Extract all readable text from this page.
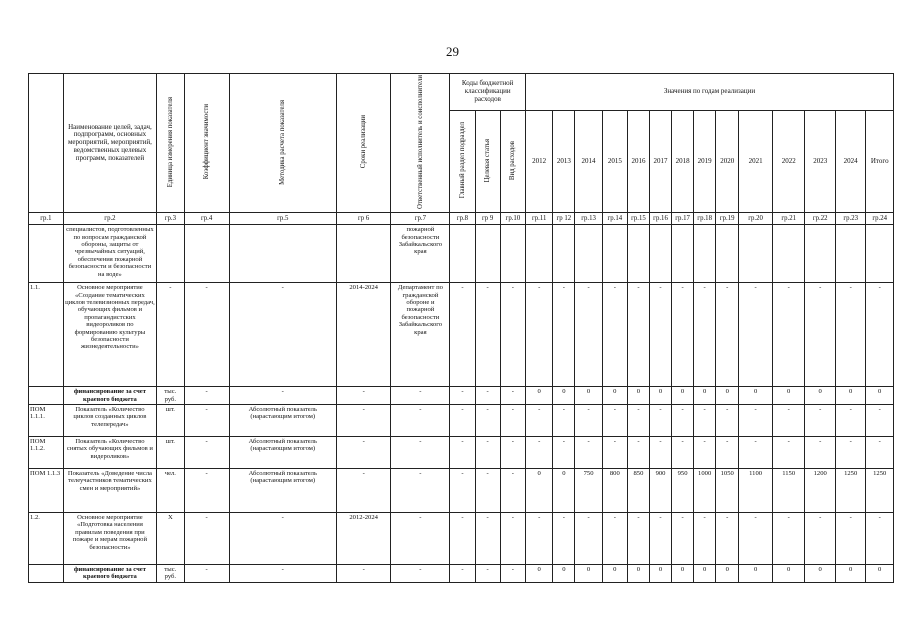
29
	Наименование целей, задач, подпрограмм, основных мероприятий, мероприятий, ведомственных целевых программ, показателей	Единица измерения показателя	Коэффициент значимости	Методика расчета показателя	Сроки реализации	Ответственный исполнитель и соисполнители	Коды бюджетной классификации расходов			Значения по годам реализации													
							Главный раздел подраздел	Целевая статья	Вид расходов	2012	2013	2014	2015	2016	2017	2018	2019	2020	2021	2022	2023	2024	Итого
гр.1	гр.2	гр.3	гр.4	гр.5	гр 6	гр.7	гр.8	гр 9	гр.10	гр.11	гр 12	гр.13	гр.14	гр.15	гр.16	гр.17	гр.18	гр.19	гр.20	гр.21	гр.22	гр.23	гр.24
	специалистов, подготовленных по вопросам гражданской обороны, защиты от чрезвычайных ситуаций, обеспечения пожарной безопасности и безопасности на воде»					пожарной безопасности Забайкальского края																	
1.1.	Основное мероприятие «Создание тематических циклов телевизионных передач, обучающих фильмов и пропагандистских видеороликов по формированию культуры безопасности жизнедеятельности»	-	-	-	2014-2024	Департамент по гражданской обороне и пожарной безопасности Забайкальского края	-	-	-	-	-	-	-	-	-	-	-	-	-	-	-	-	-
	финансирование за счет краевого бюджета	тыс. руб.	-	-	-	-	-	-	-	0	0	0	0	0	0	0	0	0	0	0	0	0	0
ПОМ 1.1.1.	Показатель «Количество циклов созданных циклов телепередач»	шт.	-	Абсолютный показатель (нарастающим итогом)	-	-	-	-	-	-	-	-	-	-	-	-	-	-	-	-	-	-	-
ПОМ 1.1.2.	Показатель «Количество снятых обучающих фильмов и видероликов»	шт.	-	Абсолютный показатель (нарастающим итогом)	-	-	-	-	-	-	-	-	-	-	-	-	-	-	-	-	-	-	-
ПОМ 1.1.3	Показатель «Доведение числа телеучастников тематических смен и мероприятий»	чел.	-	Абсолютный показатель (нарастающим итогом)	-	-	-	-	-	0	0	750	800	850	900	950	1000	1050	1100	1150	1200	1250	1250
1.2.	Основное мероприятие «Подготовка населения правилам поведения при пожаре и мерам пожарной безопасности»	X	-	-	2012-2024	-	-	-	-	-	-	-	-	-	-	-	-	-	-	-	-	-	-
	финансирование за счет краевого бюджета	тыс. руб.	-	-	-	-	-	-	-	0	0	0	0	0	0	0	0	0	0	0	0	0	0
